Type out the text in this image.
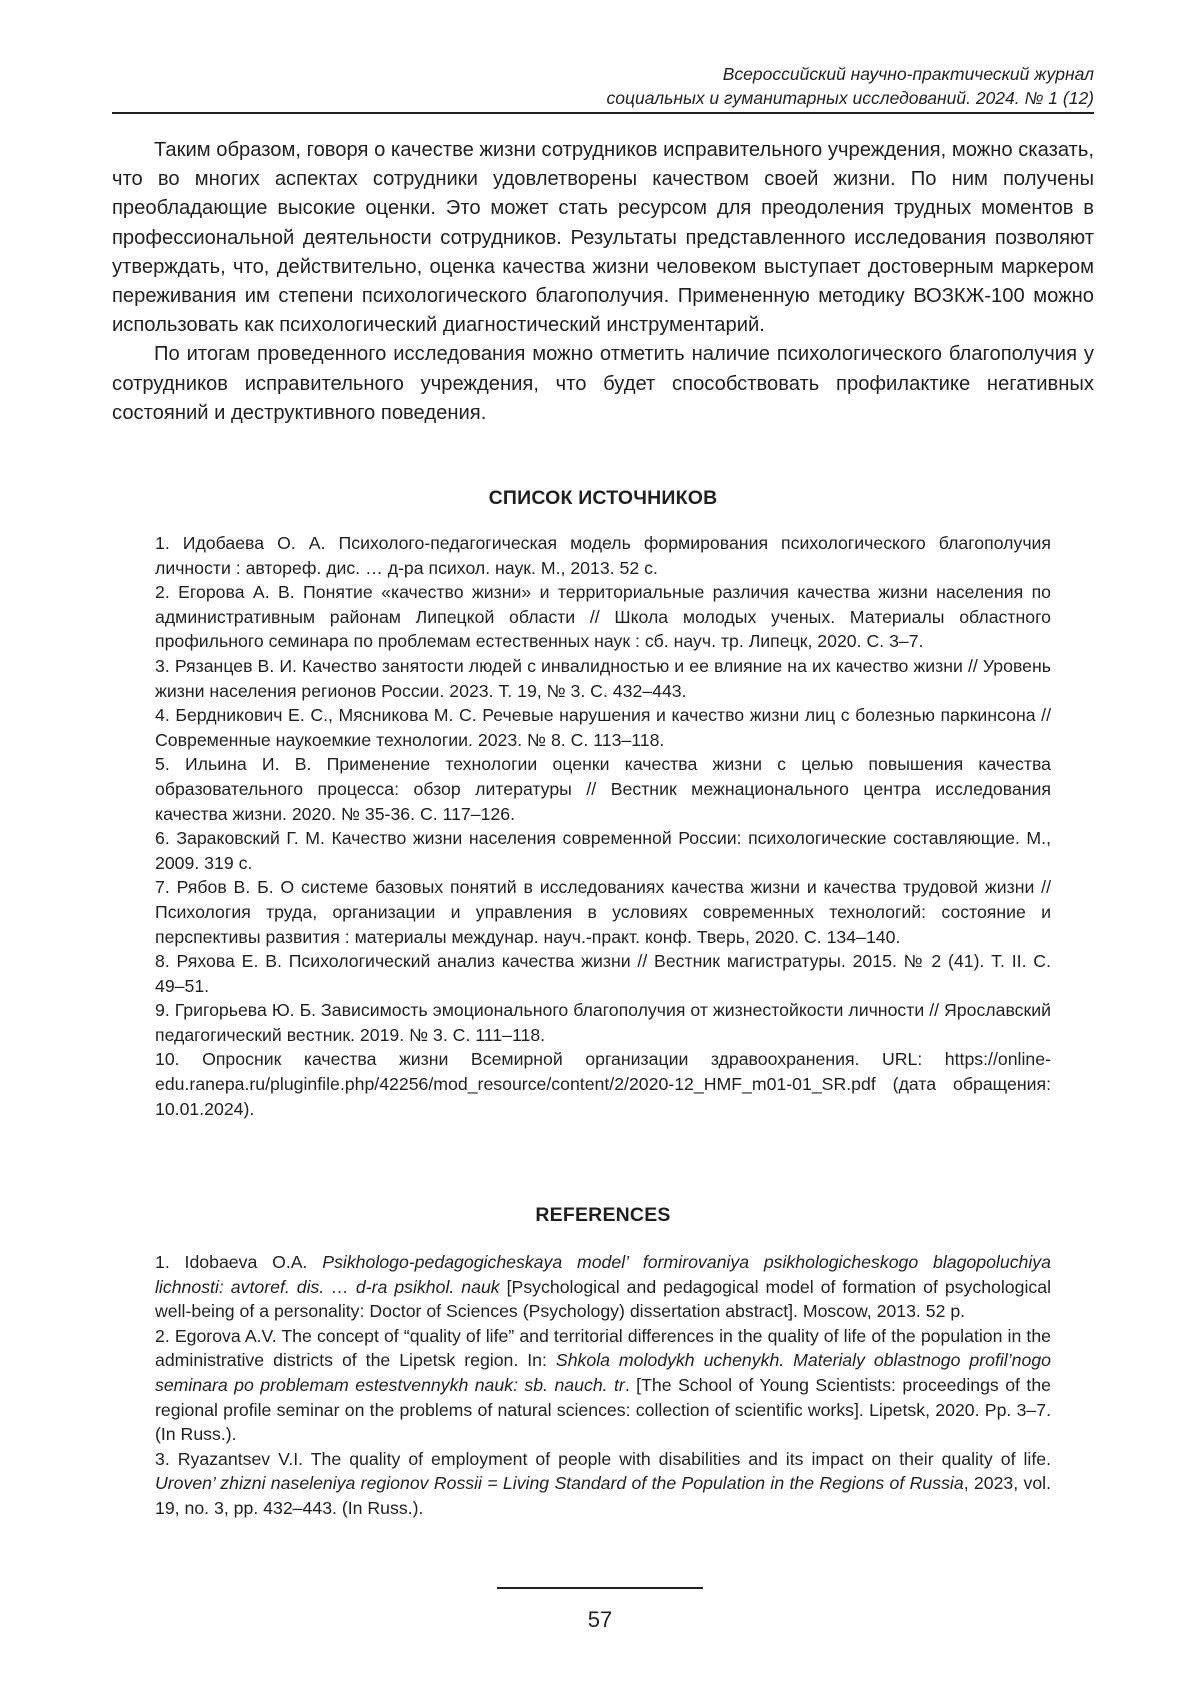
Всероссийский научно-практический журнал
социальных и гуманитарных исследований. 2024. № 1 (12)

Таким образом, говоря о качестве жизни сотрудников исправительного учреждения, можно сказать, что во многих аспектах сотрудники удовлетворены качеством своей жизни. По ним получены преобладающие высокие оценки. Это может стать ресурсом для преодоления трудных моментов в профессиональной деятельности сотрудников. Результаты представленного исследования позволяют утверждать, что, действительно, оценка качества жизни человеком выступает достоверным маркером переживания им степени психологического благополучия. Примененную методику ВОЗКЖ-100 можно использовать как психологический диагностический инструментарий.

По итогам проведенного исследования можно отметить наличие психологического благополучия у сотрудников исправительного учреждения, что будет способствовать профилактике негативных состояний и деструктивного поведения.

СПИСОК ИСТОЧНИКОВ

1. Идобаева О. А. Психолого-педагогическая модель формирования психологического благополучия личности : автореф. дис. … д-ра психол. наук. М., 2013. 52 с.

2. Егорова А. В. Понятие «качество жизни» и территориальные различия качества жизни населения по административным районам Липецкой области // Школа молодых ученых. Материалы областного профильного семинара по проблемам естественных наук : сб. науч. тр. Липецк, 2020. С. 3–7.

3. Рязанцев В. И. Качество занятости людей с инвалидностью и ее влияние на их качество жизни // Уровень жизни населения регионов России. 2023. Т. 19, № 3. С. 432–443.

4. Бердникович Е. С., Мясникова М. С. Речевые нарушения и качество жизни лиц с болезнью паркинсона // Современные наукоемкие технологии. 2023. № 8. С. 113–118.

5. Ильина И. В. Применение технологии оценки качества жизни с целью повышения качества образовательного процесса: обзор литературы // Вестник межнационального центра исследования качества жизни. 2020. № 35-36. С. 117–126.

6. Зараковский Г. М. Качество жизни населения современной России: психологические составляющие. М., 2009. 319 с.

7. Рябов В. Б. О системе базовых понятий в исследованиях качества жизни и качества трудовой жизни // Психология труда, организации и управления в условиях современных технологий: состояние и перспективы развития : материалы междунар. науч.-практ. конф. Тверь, 2020. С. 134–140.

8. Ряхова Е. В. Психологический анализ качества жизни // Вестник магистратуры. 2015. № 2 (41). Т. II. С. 49–51.

9. Григорьева Ю. Б. Зависимость эмоционального благополучия от жизнестойкости личности // Ярославский педагогический вестник. 2019. № 3. С. 111–118.

10. Опросник качества жизни Всемирной организации здравоохранения. URL: https://online-edu.ranepa.ru/pluginfile.php/42256/mod_resource/content/2/2020-12_HMF_m01-01_SR.pdf (дата обращения: 10.01.2024).

REFERENCES

1. Idobaeva O.A. Psikhologo-pedagogicheskaya model’ formirovaniya psikhologicheskogo blagopoluchiya lichnosti: avtoref. dis. … d-ra psikhol. nauk [Psychological and pedagogical model of formation of psychological well-being of a personality: Doctor of Sciences (Psychology) dissertation abstract]. Moscow, 2013. 52 p.

2. Egorova A.V. The concept of “quality of life” and territorial differences in the quality of life of the population in the administrative districts of the Lipetsk region. In: Shkola molodykh uchenykh. Materialy oblastnogo profil’nogo seminara po problemam estestvennykh nauk: sb. nauch. tr. [The School of Young Scientists: proceedings of the regional profile seminar on the problems of natural sciences: collection of scientific works]. Lipetsk, 2020. Pp. 3–7. (In Russ.).

3. Ryazantsev V.I. The quality of employment of people with disabilities and its impact on their quality of life. Uroven’ zhizni naseleniya regionov Rossii = Living Standard of the Population in the Regions of Russia, 2023, vol. 19, no. 3, pp. 432–443. (In Russ.).

57
